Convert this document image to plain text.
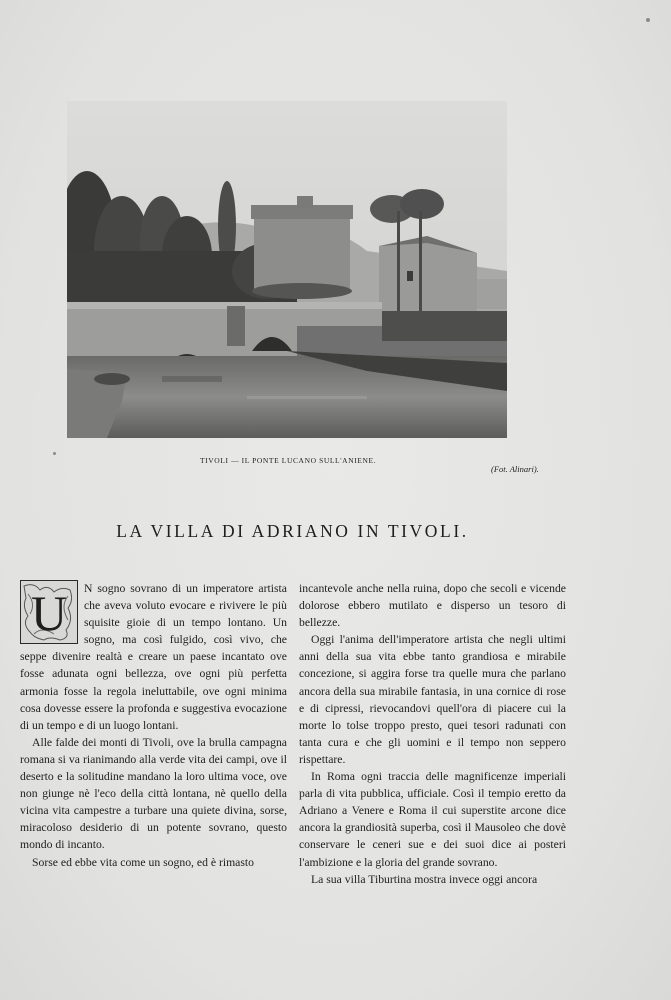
TIVOLI — IL PONTE LUCANO SULL'ANIENE.
(Fot. Alinari).
LA VILLA DI ADRIANO IN TIVOLI.
U	N sogno sovrano di un imperatore artista che aveva voluto evocare e rivivere le più squisite gioie di un tempo lontano. Un sogno, ma così fulgido, così vivo, che seppe divenire realtà e creare un paese incantato ove fosse adunata ogni bellezza, ove ogni più perfetta armonia fosse la regola ineluttabile, ove ogni minima cosa dovesse essere la profonda e suggestiva evocazione di un tempo e di un luogo lontani.

Alle falde dei monti di Tivoli, ove la brulla campagna romana si va rianimando alla verde vita dei campi, ove il deserto e la solitudine mandano la loro ultima voce, ove non giunge nè l'eco della città lontana, nè quello della vicina vita campestre a turbare una quiete divina, sorse, miracoloso desiderio di un potente sovrano, questo mondo di incanto.

Sorse ed ebbe vita come un sogno, ed è rimasto

incantevole anche nella ruina, dopo che secoli e vicende dolorose ebbero mutilato e disperso un tesoro di bellezze.

Oggi l'anima dell'imperatore artista che negli ultimi anni della sua vita ebbe tanto grandiosa e mirabile concezione, si aggira forse tra quelle mura che parlano ancora della sua mirabile fantasia, in una cornice di rose e di cipressi, rievocandovi quell'ora di piacere cui la morte lo tolse troppo presto, quei tesori radunati con tanta cura e che gli uomini e il tempo non seppero rispettare.

In Roma ogni traccia delle magnificenze imperiali parla di vita pubblica, ufficiale. Così il tempio eretto da Adriano a Venere e Roma il cui superstite arcone dice ancora la grandiosità superba, così il Mausoleo che dovè conservare le ceneri sue e dei suoi dice ai posteri l'ambizione e la gloria del grande sovrano.

La sua villa Tiburtina mostra invece oggi ancora
